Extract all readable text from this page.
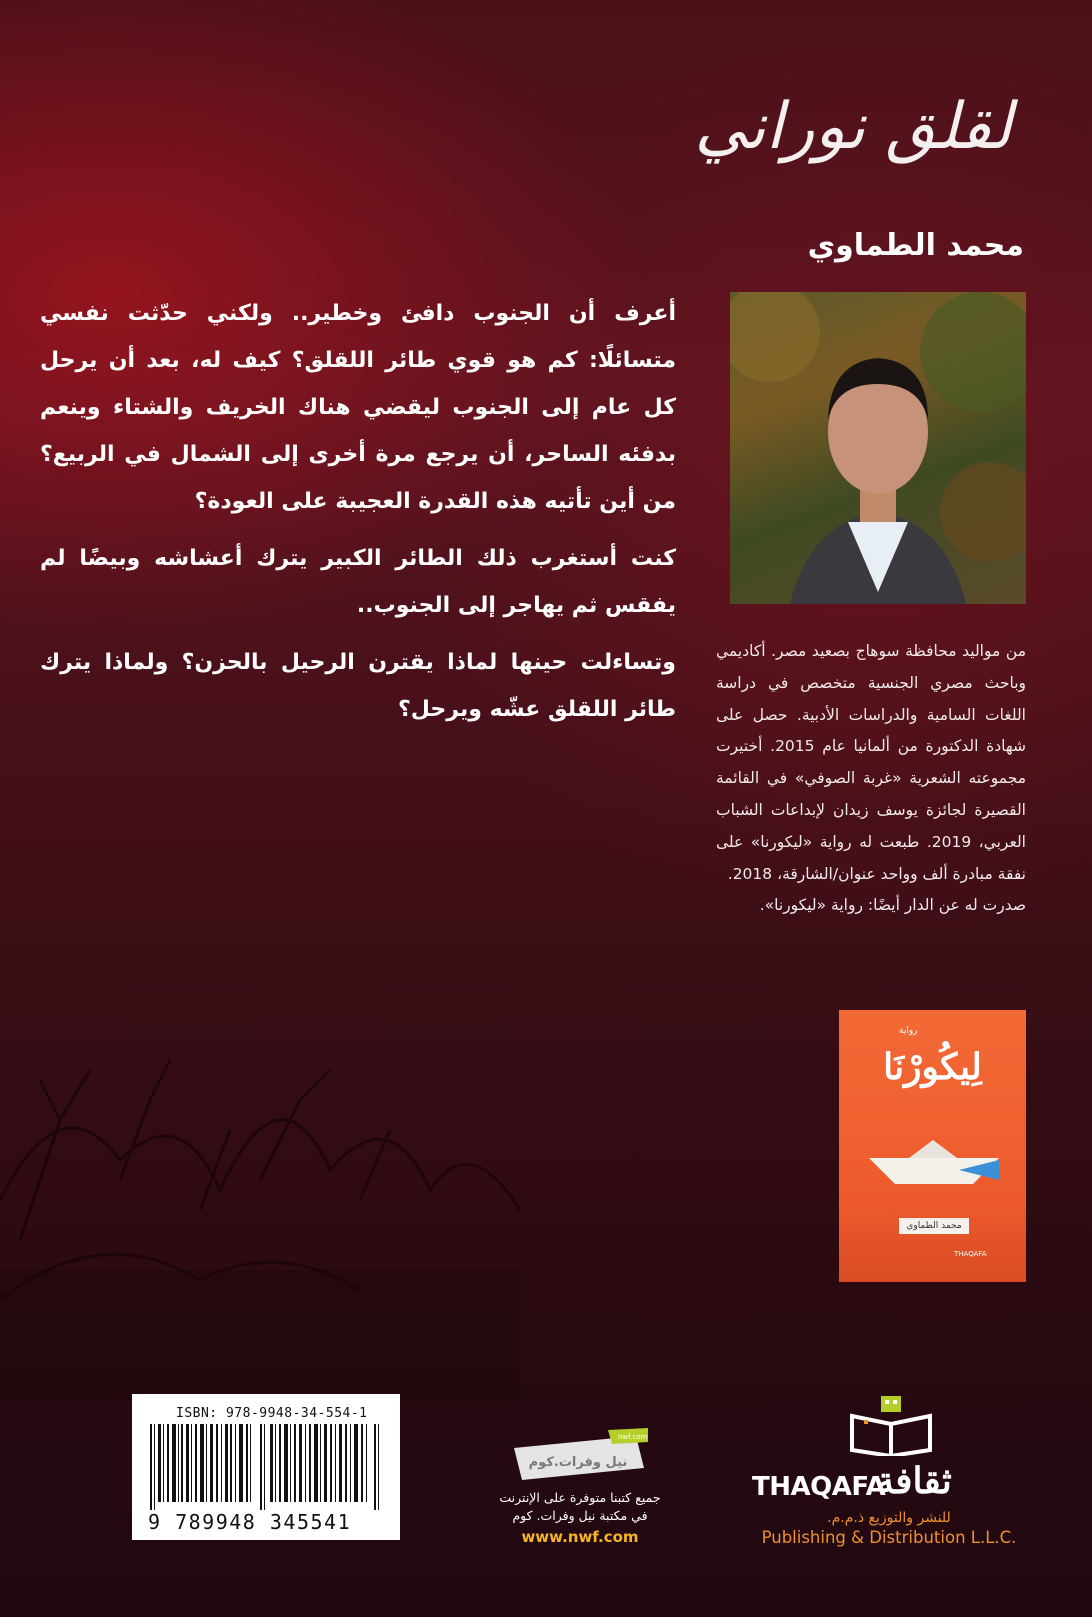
لقلق نوراني
محمد الطماوي

أعرف أن الجنوب دافئ وخطير.. ولكني حدّثت نفسي متسائلًا: كم هو قوي طائر اللقلق؟ كيف له، بعد أن يرحل كل عام إلى الجنوب ليقضي هناك الخريف والشتاء وينعم بدفئه الساحر، أن يرجع مرة أخرى إلى الشمال في الربيع؟ من أين تأتيه هذه القدرة العجيبة على العودة؟

كنت أستغرب ذلك الطائر الكبير يترك أعشاشه وبيضًا لم يفقس ثم يهاجر إلى الجنوب..

وتساءلت حينها لماذا يقترن الرحيل بالحزن؟ ولماذا يترك طائر اللقلق عشّه ويرحل؟

من مواليد محافظة سوهاج بصعيد مصر. أكاديمي وباحث مصري الجنسية متخصص في دراسة اللغات السامية والدراسات الأدبية. حصل على شهادة الدكتورة من ألمانيا عام 2015. أختيرت مجموعته الشعرية «غربة الصوفي» في القائمة القصيرة لجائزة يوسف زيدان لإبداعات الشباب العربي، 2019. طبعت له رواية «ليكورنا» على نفقة مبادرة ألف وواحد عنوان/الشارقة، 2018.

صدرت له عن الدار أيضًا: رواية «ليكورنا».

رواية
لِيكُورْنَا
محمد الطماوي
THAQAFA
ISBN: 978-9948-34-554-1
9 789948 345541
nwf.com
نيل وفرات.كوم
جميع كتبنا متوفرة على الإنترنت
في مكتبة نيل وفرات. كوم
www.nwf.com
THAQAFA
ثقافة
للنشر والتوزيع ذ.م.م.
Publishing & Distribution L.L.C.
